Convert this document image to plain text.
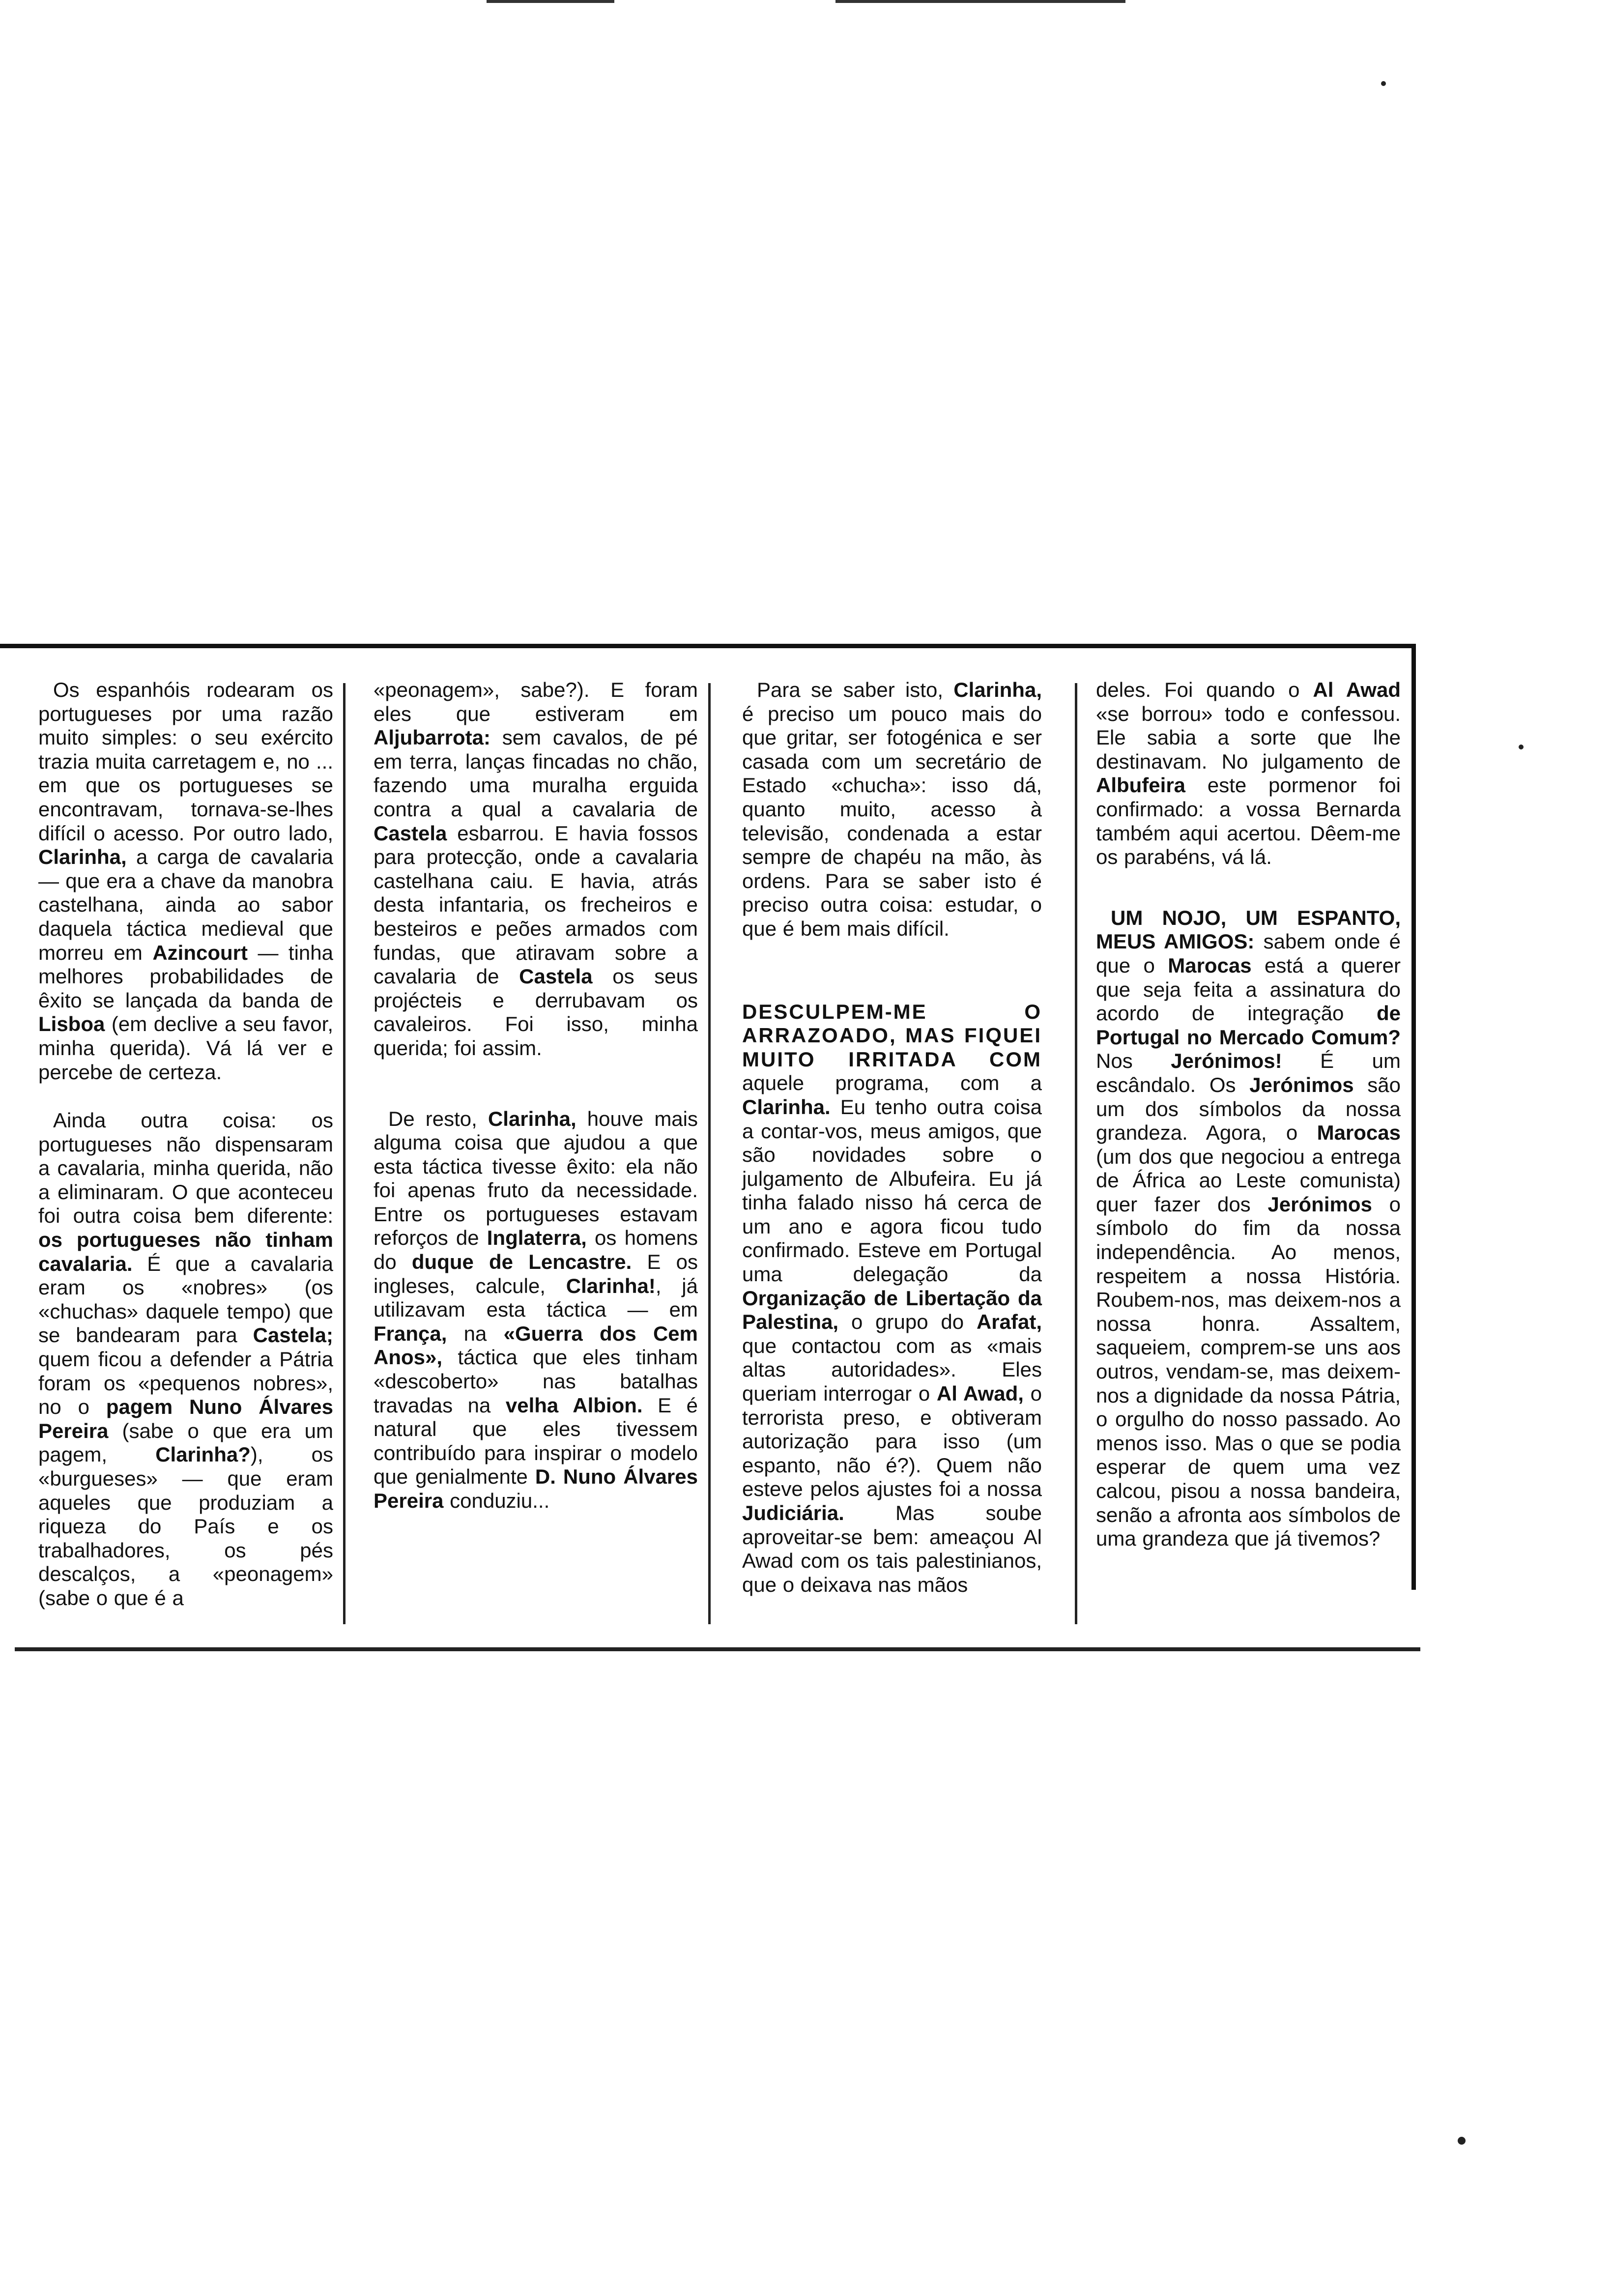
Os espanhóis rodearam os portugueses por uma razão muito simples: o seu exército trazia muita carretagem e, no ... em que os portugueses se encontravam, tornava-se-lhes difícil o acesso. Por outro lado, Clarinha, a carga de cavalaria — que era a chave da manobra castelhana, ainda ao sabor daquela táctica medieval que morreu em Azincourt — tinha melhores probabilidades de êxito se lançada da banda de Lisboa (em declive a seu favor, minha querida). Vá lá ver e percebe de certeza.

Ainda outra coisa: os portugueses não dispensaram a cavalaria, minha querida, não a eliminaram. O que aconteceu foi outra coisa bem diferente: os portugueses não tinham cavalaria. É que a cavalaria eram os «nobres» (os «chuchas» daquele tempo) que se bandearam para Castela; quem ficou a defender a Pátria foram os «pequenos nobres», no o pagem Nuno Álvares Pereira (sabe o que era um pagem, Clarinha?), os «burgueses» — que eram aqueles que produziam a riqueza do País e os trabalhadores, os pés descalços, a «peonagem» (sabe o que é a

«peonagem», sabe?). E foram eles que estiveram em Aljubarrota: sem cavalos, de pé em terra, lanças fincadas no chão, fazendo uma muralha erguida contra a qual a cavalaria de Castela esbarrou. E havia fossos para protecção, onde a cavalaria castelhana caiu. E havia, atrás desta infantaria, os frecheiros e besteiros e peões armados com fundas, que atiravam sobre a cavalaria de Castela os seus projécteis e derrubavam os cavaleiros. Foi isso, minha querida; foi assim.

De resto, Clarinha, houve mais alguma coisa que ajudou a que esta táctica tivesse êxito: ela não foi apenas fruto da necessidade. Entre os portugueses estavam reforços de Inglaterra, os homens do duque de Lencastre. E os ingleses, calcule, Clarinha!, já utilizavam esta táctica — em França, na «Guerra dos Cem Anos», táctica que eles tinham «descoberto» nas batalhas travadas na velha Albion. E é natural que eles tivessem contribuído para inspirar o modelo que genialmente D. Nuno Álvares Pereira conduziu...

Para se saber isto, Clarinha, é preciso um pouco mais do que gritar, ser fotogénica e ser casada com um secretário de Estado «chucha»: isso dá, quanto muito, acesso à televisão, condenada a estar sempre de chapéu na mão, às ordens. Para se saber isto é preciso outra coisa: estudar, o que é bem mais difícil.

DESCULPEM-ME O ARRAZOADO, MAS FIQUEI MUITO IRRITADA COM aquele programa, com a Clarinha. Eu tenho outra coisa a contar-vos, meus amigos, que são novidades sobre o julgamento de Albufeira. Eu já tinha falado nisso há cerca de um ano e agora ficou tudo confirmado. Esteve em Portugal uma delegação da Organização de Libertação da Palestina, o grupo do Arafat, que contactou com as «mais altas autoridades». Eles queriam interrogar o Al Awad, o terrorista preso, e obtiveram autorização para isso (um espanto, não é?). Quem não esteve pelos ajustes foi a nossa Judiciária. Mas soube aproveitar-se bem: ameaçou Al Awad com os tais palestinianos, que o deixava nas mãos

deles. Foi quando o Al Awad «se borrou» todo e confessou. Ele sabia a sorte que lhe destinavam. No julgamento de Albufeira este pormenor foi confirmado: a vossa Bernarda também aqui acertou. Dêem-me os parabéns, vá lá.

UM NOJO, UM ESPANTO, MEUS AMIGOS: sabem onde é que o Marocas está a querer que seja feita a assinatura do acordo de integração de Portugal no Mercado Comum? Nos Jerónimos! É um escândalo. Os Jerónimos são um dos símbolos da nossa grandeza. Agora, o Marocas (um dos que negociou a entrega de África ao Leste comunista) quer fazer dos Jerónimos o símbolo do fim da nossa independência. Ao menos, respeitem a nossa História. Roubem-nos, mas deixem-nos a nossa honra. Assaltem, saqueiem, comprem-se uns aos outros, vendam-se, mas deixem-nos a dignidade da nossa Pátria, o orgulho do nosso passado. Ao menos isso. Mas o que se podia esperar de quem uma vez calcou, pisou a nossa bandeira, senão a afronta aos símbolos de uma grandeza que já tivemos?
